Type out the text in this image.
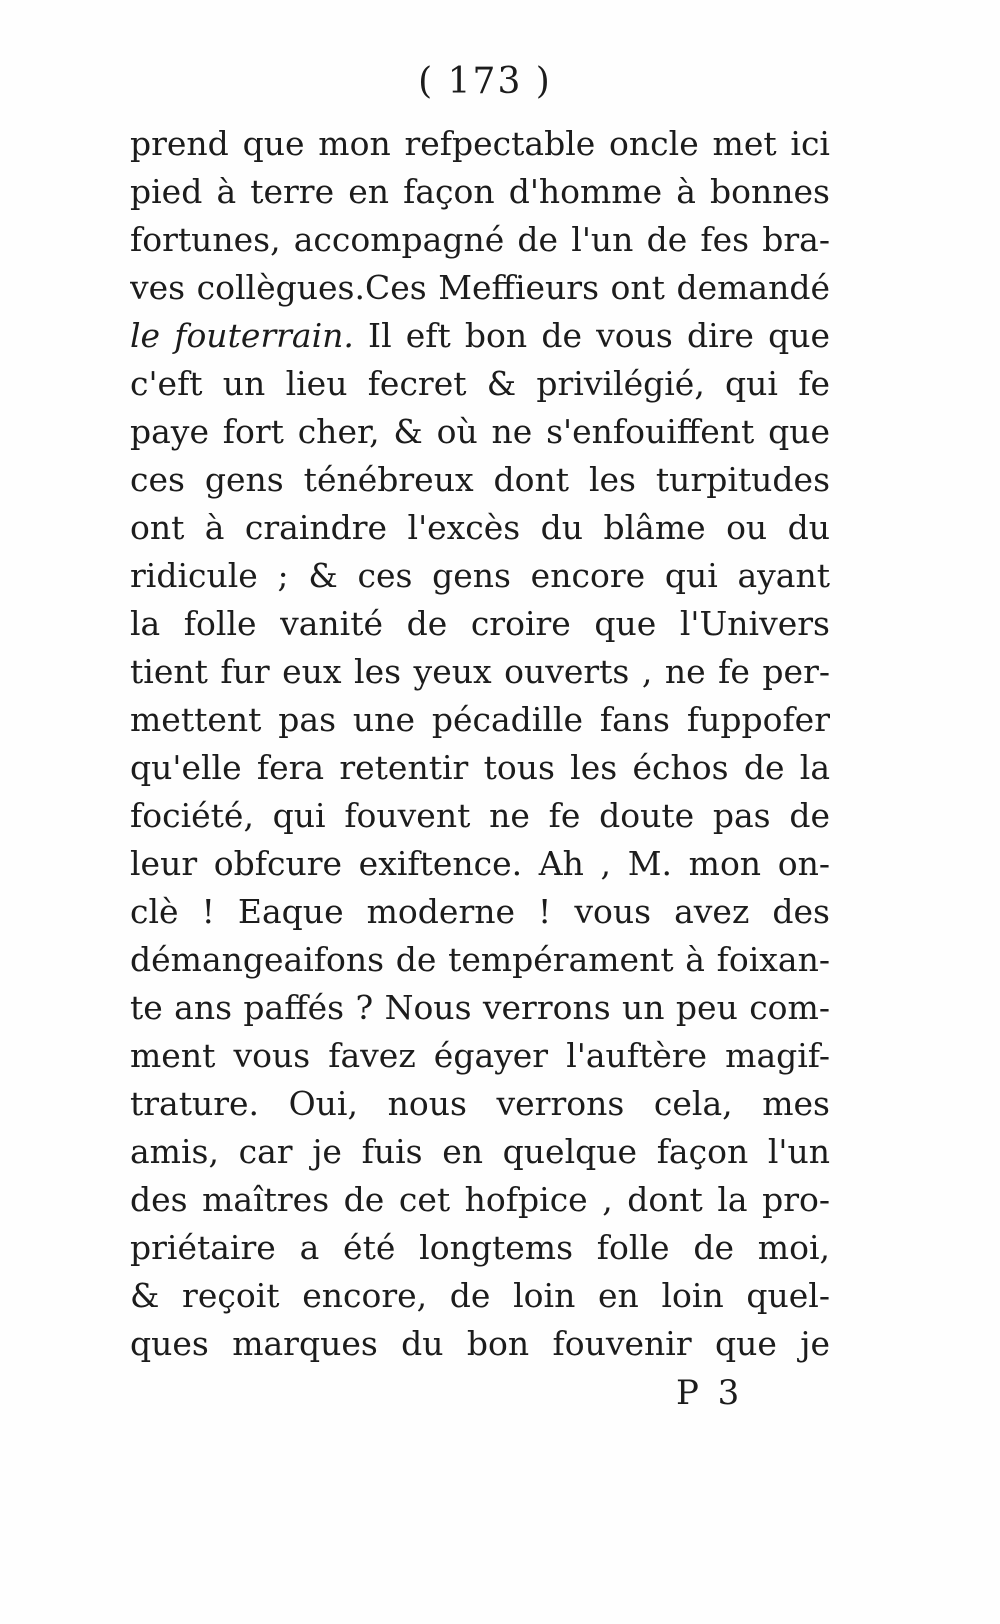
( 173 )
prend que mon refpectable oncle met ici
pied à terre en façon d'homme à bonnes
fortunes, accompagné de l'un de fes bra-
ves collègues.Ces Meffieurs ont demandé
le fouterrain. Il eft bon de vous dire que
c'eft un lieu fecret & privilégié, qui fe
paye fort cher, & où ne s'enfouiffent que
ces gens ténébreux dont les turpitudes
ont à craindre l'excès du blâme ou du
ridicule ; & ces gens encore qui ayant
la folle vanité de croire que l'Univers
tient fur eux les yeux ouverts , ne fe per-
mettent pas une pécadille fans fuppofer
qu'elle fera retentir tous les échos de la
fociété, qui fouvent ne fe doute pas de
leur obfcure exiftence. Ah , M. mon on-
clè ! Eaque moderne ! vous avez des
démangeaifons de tempérament à foixan-
te ans paffés ? Nous verrons un peu com-
ment vous favez égayer l'auftère magif-
trature. Oui, nous verrons cela, mes
amis, car je fuis en quelque façon l'un
des maîtres de cet hofpice , dont la pro-
priétaire a été longtems folle de moi,
& reçoit encore, de loin en loin quel-
ques marques du bon fouvenir que je
P 3
